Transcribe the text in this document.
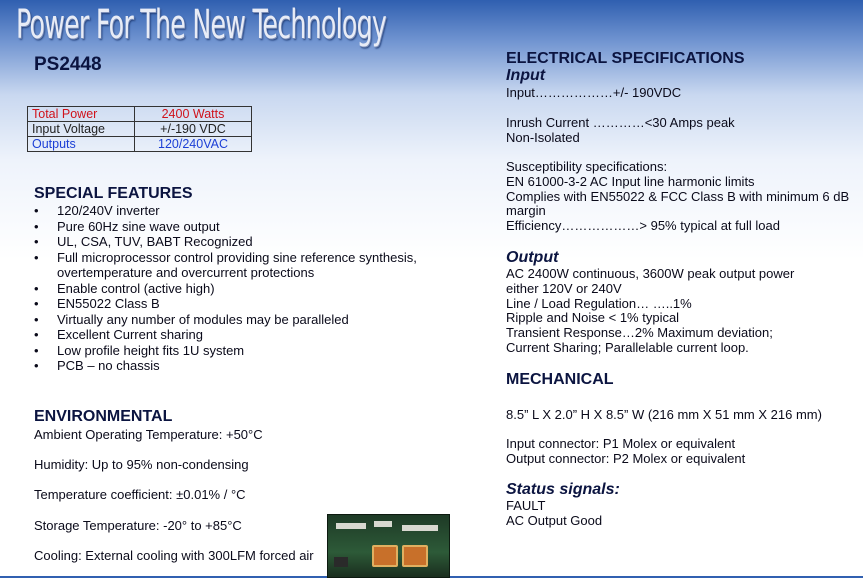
Power For The New Technology
PS2448
Total Power	2400 Watts
Input Voltage	+/-190 VDC
Outputs	120/240VAC
SPECIAL FEATURES
• 120/240V inverter
• Pure 60Hz sine wave output
• UL, CSA, TUV, BABT Recognized
• Full microprocessor control providing sine reference synthesis, overtemperature and overcurrent protections
• Enable control (active high)
• EN55022 Class B
• Virtually any number of modules may be paralleled
• Excellent Current sharing
• Low profile height fits 1U system
• PCB – no chassis
ENVIRONMENTAL
Ambient Operating Temperature: +50°C
Humidity: Up to 95% non-condensing
Temperature coefficient: ±0.01% / °C
Storage Temperature: -20° to +85°C
Cooling: External cooling with 300LFM forced air
ELECTRICAL SPECIFICATIONS
Input
Input………………+/- 190VDC
Inrush Current …………<30 Amps peak
Non-Isolated
Susceptibility specifications:
EN 61000-3-2 AC Input line harmonic limits
Complies with EN55022 & FCC Class B with minimum 6 dB
margin
Efficiency………………> 95% typical at full load
Output
AC 2400W continuous, 3600W peak output power
either 120V or 240V
Line / Load Regulation… …..1%
Ripple and Noise < 1% typical
Transient Response…2% Maximum deviation;
Current Sharing; Parallelable current loop.
MECHANICAL
8.5” L X 2.0” H X 8.5” W (216 mm X 51 mm X 216 mm)
Input connector: P1 Molex or equivalent
Output connector: P2 Molex or equivalent
Status signals:
FAULT
AC Output Good
